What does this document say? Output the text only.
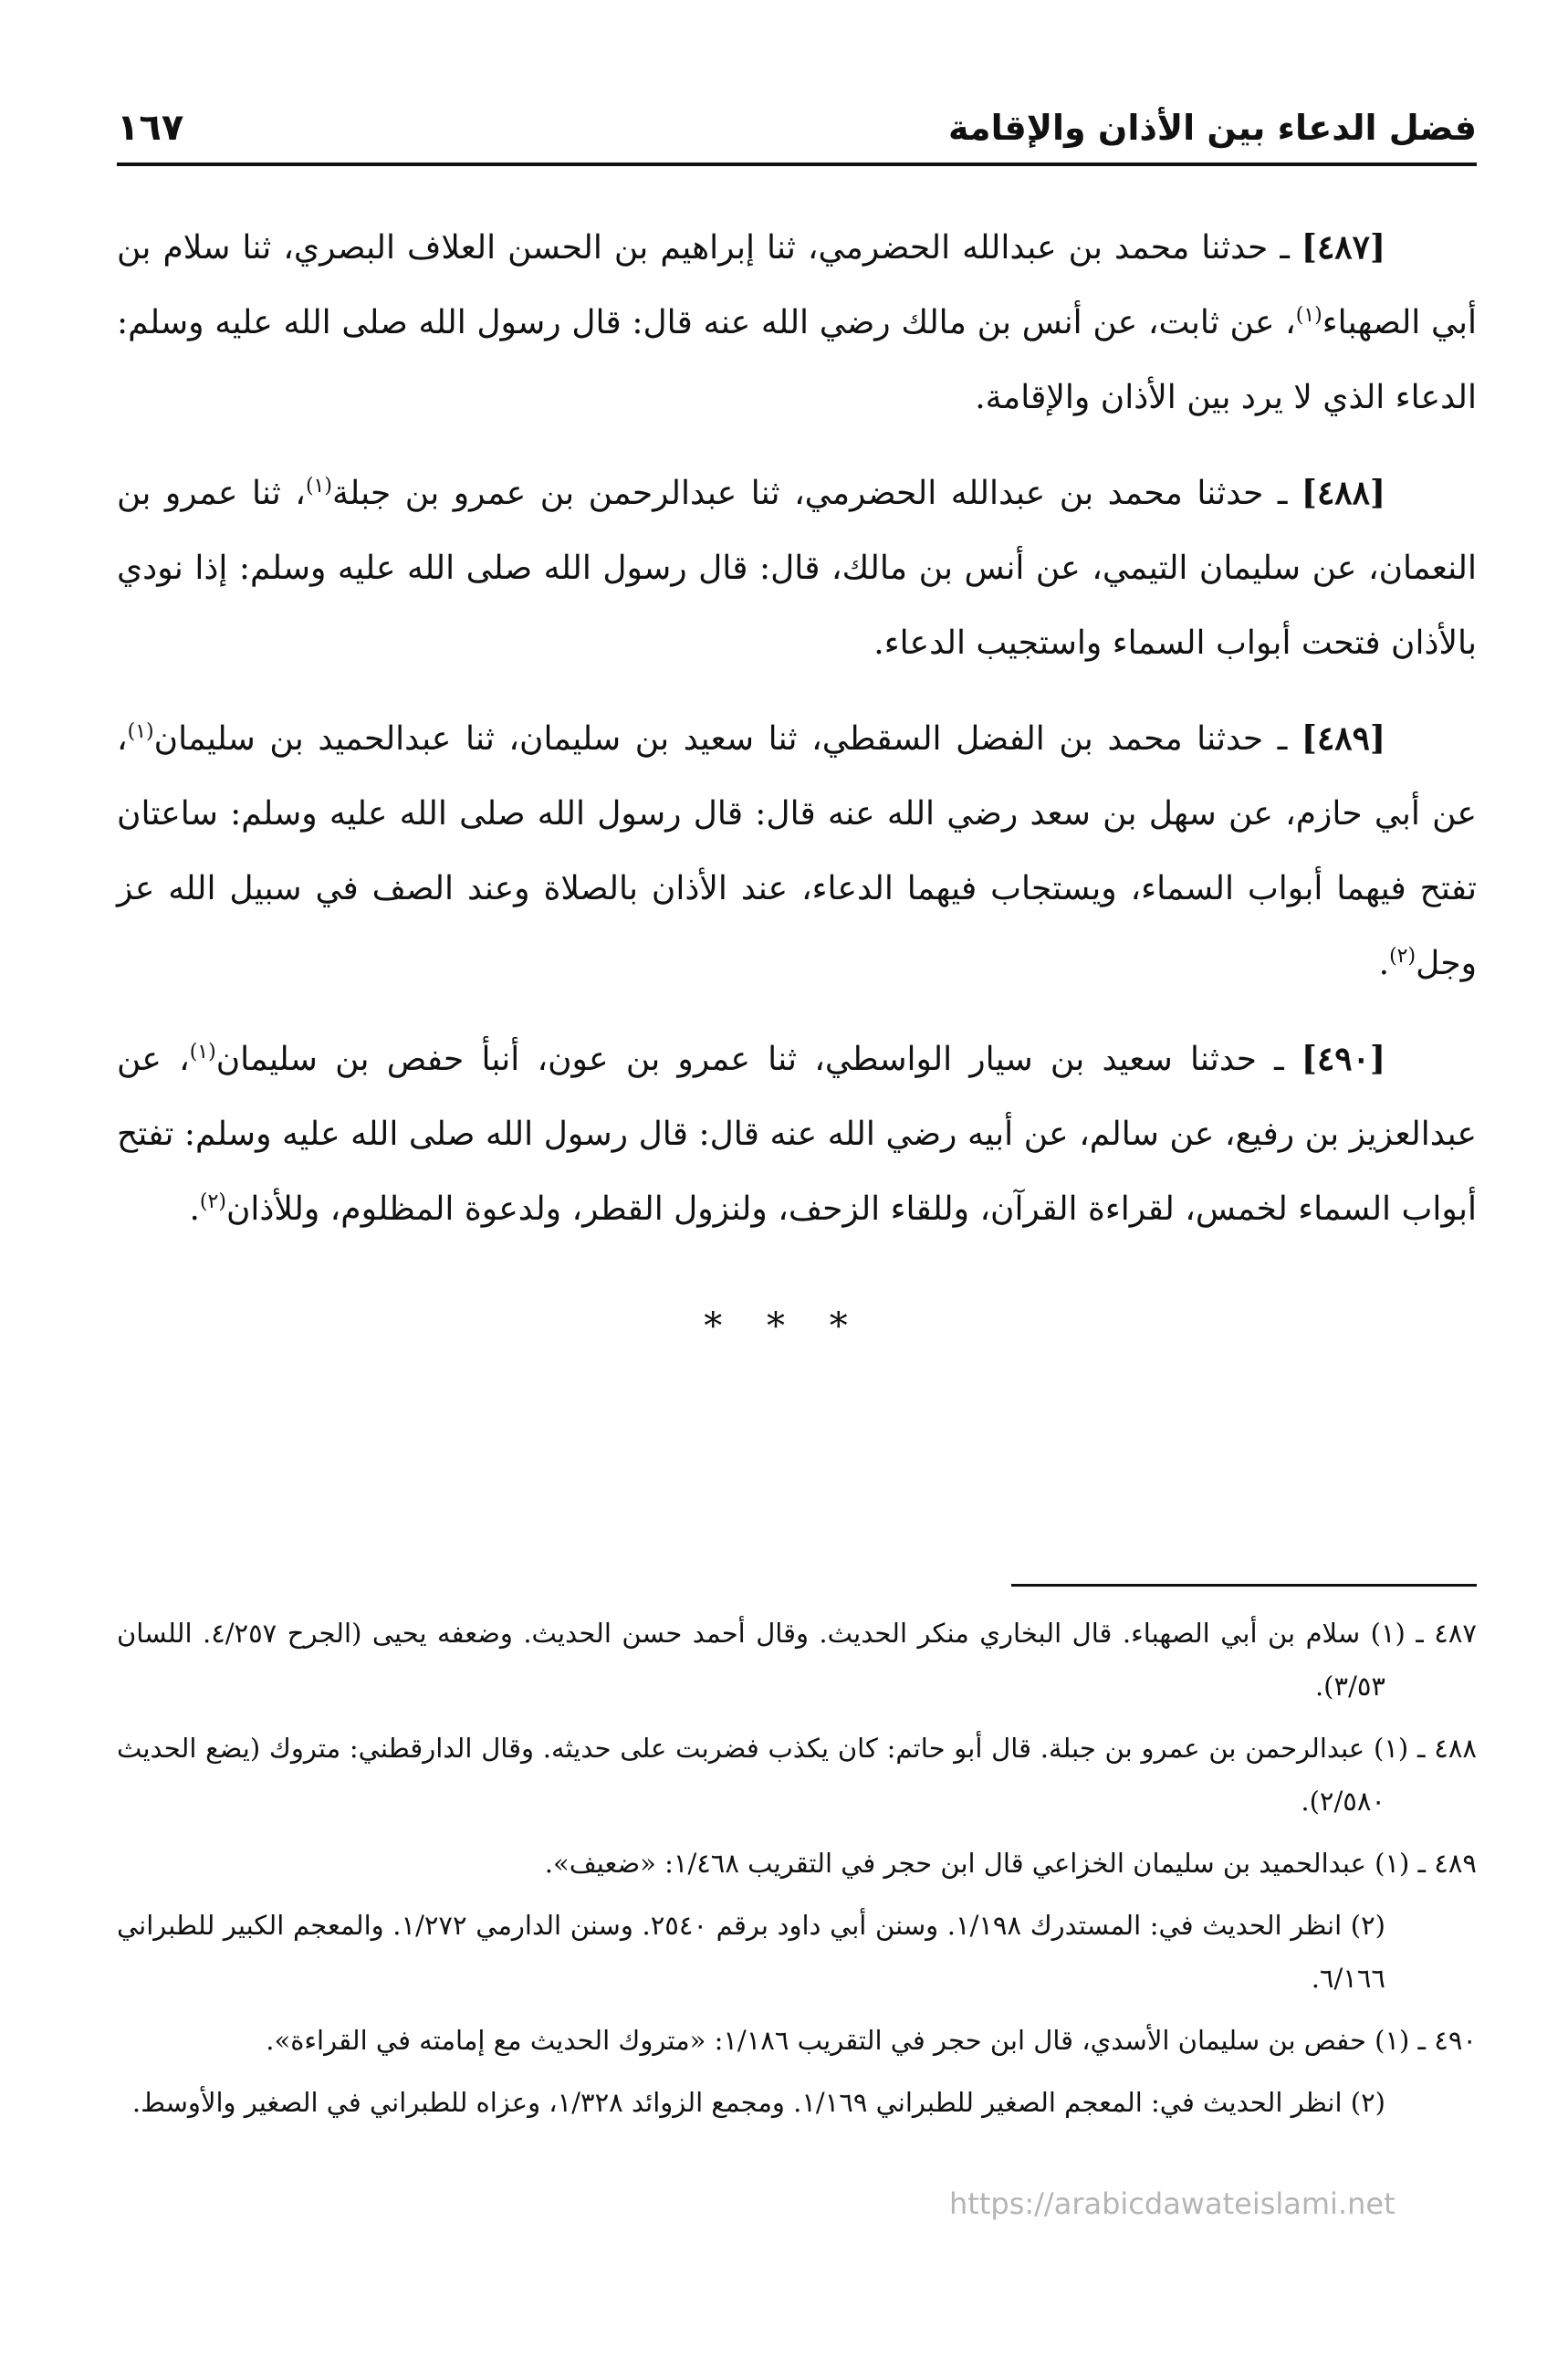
فضل الدعاء بين الأذان والإقامة
١٦٧

[٤٨٧] ـ حدثنا محمد بن عبدالله الحضرمي، ثنا إبراهيم بن الحسن العلاف البصري، ثنا سلام بن أبي الصهباء$^{(١)}$، عن ثابت، عن أنس بن مالك رضي الله عنه قال: قال رسول الله صلى الله عليه وسلم: الدعاء الذي لا يرد بين الأذان والإقامة.

[٤٨٨] ـ حدثنا محمد بن عبدالله الحضرمي، ثنا عبدالرحمن بن عمرو بن جبلة$^{(١)}$، ثنا عمرو بن النعمان، عن سليمان التيمي، عن أنس بن مالك، قال: قال رسول الله صلى الله عليه وسلم: إذا نودي بالأذان فتحت أبواب السماء واستجيب الدعاء.

[٤٨٩] ـ حدثنا محمد بن الفضل السقطي، ثنا سعيد بن سليمان، ثنا عبدالحميد بن سليمان$^{(١)}$، عن أبي حازم، عن سهل بن سعد رضي الله عنه قال: قال رسول الله صلى الله عليه وسلم: ساعتان تفتح فيهما أبواب السماء، ويستجاب فيهما الدعاء، عند الأذان بالصلاة وعند الصف في سبيل الله عز وجل$^{(٢)}$.

[٤٩٠] ـ حدثنا سعيد بن سيار الواسطي، ثنا عمرو بن عون، أنبأ حفص بن سليمان$^{(١)}$، عن عبدالعزيز بن رفيع، عن سالم، عن أبيه رضي الله عنه قال: قال رسول الله صلى الله عليه وسلم: تفتح أبواب السماء لخمس، لقراءة القرآن، وللقاء الزحف، ولنزول القطر، ولدعوة المظلوم، وللأذان$^{(٢)}$.

* * *

٤٨٧ ـ (١) سلام بن أبي الصهباء. قال البخاري منكر الحديث. وقال أحمد حسن الحديث. وضعفه يحيى (الجرح ٤/٢٥٧. اللسان ٣/٥٣).

٤٨٨ ـ (١) عبدالرحمن بن عمرو بن جبلة. قال أبو حاتم: كان يكذب فضربت على حديثه. وقال الدارقطني: متروك (يضع الحديث ٢/٥٨٠).

٤٨٩ ـ (١) عبدالحميد بن سليمان الخزاعي قال ابن حجر في التقريب ١/٤٦٨: «ضعيف».

(٢) انظر الحديث في: المستدرك ١/١٩٨. وسنن أبي داود برقم ٢٥٤٠. وسنن الدارمي ١/٢٧٢. والمعجم الكبير للطبراني ٦/١٦٦.

٤٩٠ ـ (١) حفص بن سليمان الأسدي، قال ابن حجر في التقريب ١/١٨٦: «متروك الحديث مع إمامته في القراءة».

(٢) انظر الحديث في: المعجم الصغير للطبراني ١/١٦٩. ومجمع الزوائد ١/٣٢٨، وعزاه للطبراني في الصغير والأوسط.

https://arabicdawateislami.net
